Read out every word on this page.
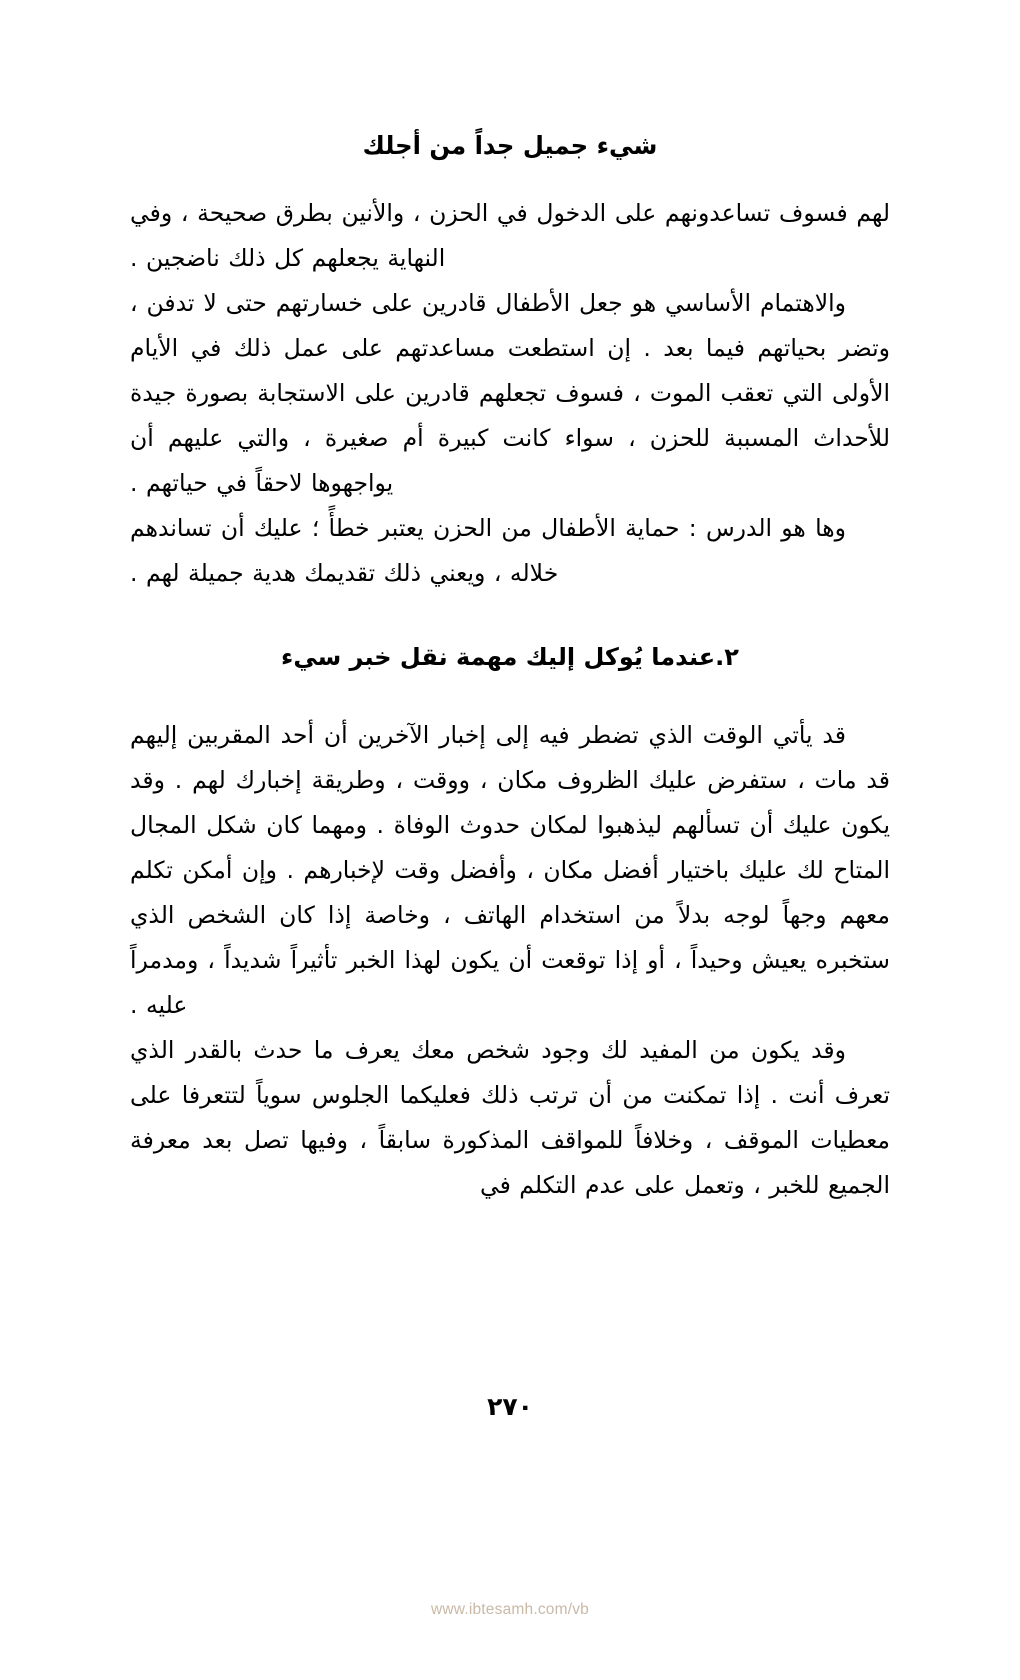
شيء جميل جداً من أجلك

لهم فسوف تساعدونهم على الدخول في الحزن ، والأنين بطرق صحيحة ، وفي النهاية يجعلهم كل ذلك ناضجين .

والاهتمام الأساسي هو جعل الأطفال قادرين على خسارتهم حتى لا تدفن ، وتضر بحياتهم فيما بعد . إن استطعت مساعدتهم على عمل ذلك في الأيام الأولى التي تعقب الموت ، فسوف تجعلهم قادرين على الاستجابة بصورة جيدة للأحداث المسببة للحزن ، سواء كانت كبيرة أم صغيرة ، والتي عليهم أن يواجهوها لاحقاً في حياتهم .

وها هو الدرس : حماية الأطفال من الحزن يعتبر خطأً ؛ عليك أن تساندهم خلاله ، ويعني ذلك تقديمك هدية جميلة لهم .

٢.عندما يُوكل إليك مهمة نقل خبر سيء

قد يأتي الوقت الذي تضطر فيه إلى إخبار الآخرين أن أحد المقربين إليهم قد مات ، ستفرض عليك الظروف مكان ، ووقت ، وطريقة إخبارك لهم . وقد يكون عليك أن تسألهم ليذهبوا لمكان حدوث الوفاة . ومهما كان شكل المجال المتاح لك عليك باختيار أفضل مكان ، وأفضل وقت لإخبارهم . وإن أمكن تكلم معهم وجهاً لوجه بدلاً من استخدام الهاتف ، وخاصة إذا كان الشخص الذي ستخبره يعيش وحيداً ، أو إذا توقعت أن يكون لهذا الخبر تأثيراً شديداً ، ومدمراً عليه .

وقد يكون من المفيد لك وجود شخص معك يعرف ما حدث بالقدر الذي تعرف أنت . إذا تمكنت من أن ترتب ذلك فعليكما الجلوس سوياً لتتعرفا على معطيات الموقف ، وخلافاً للمواقف المذكورة سابقاً ، وفيها تصل بعد معرفة الجميع للخبر ، وتعمل على عدم التكلم في

٢٧٠
www.ibtesamh.com/vb
